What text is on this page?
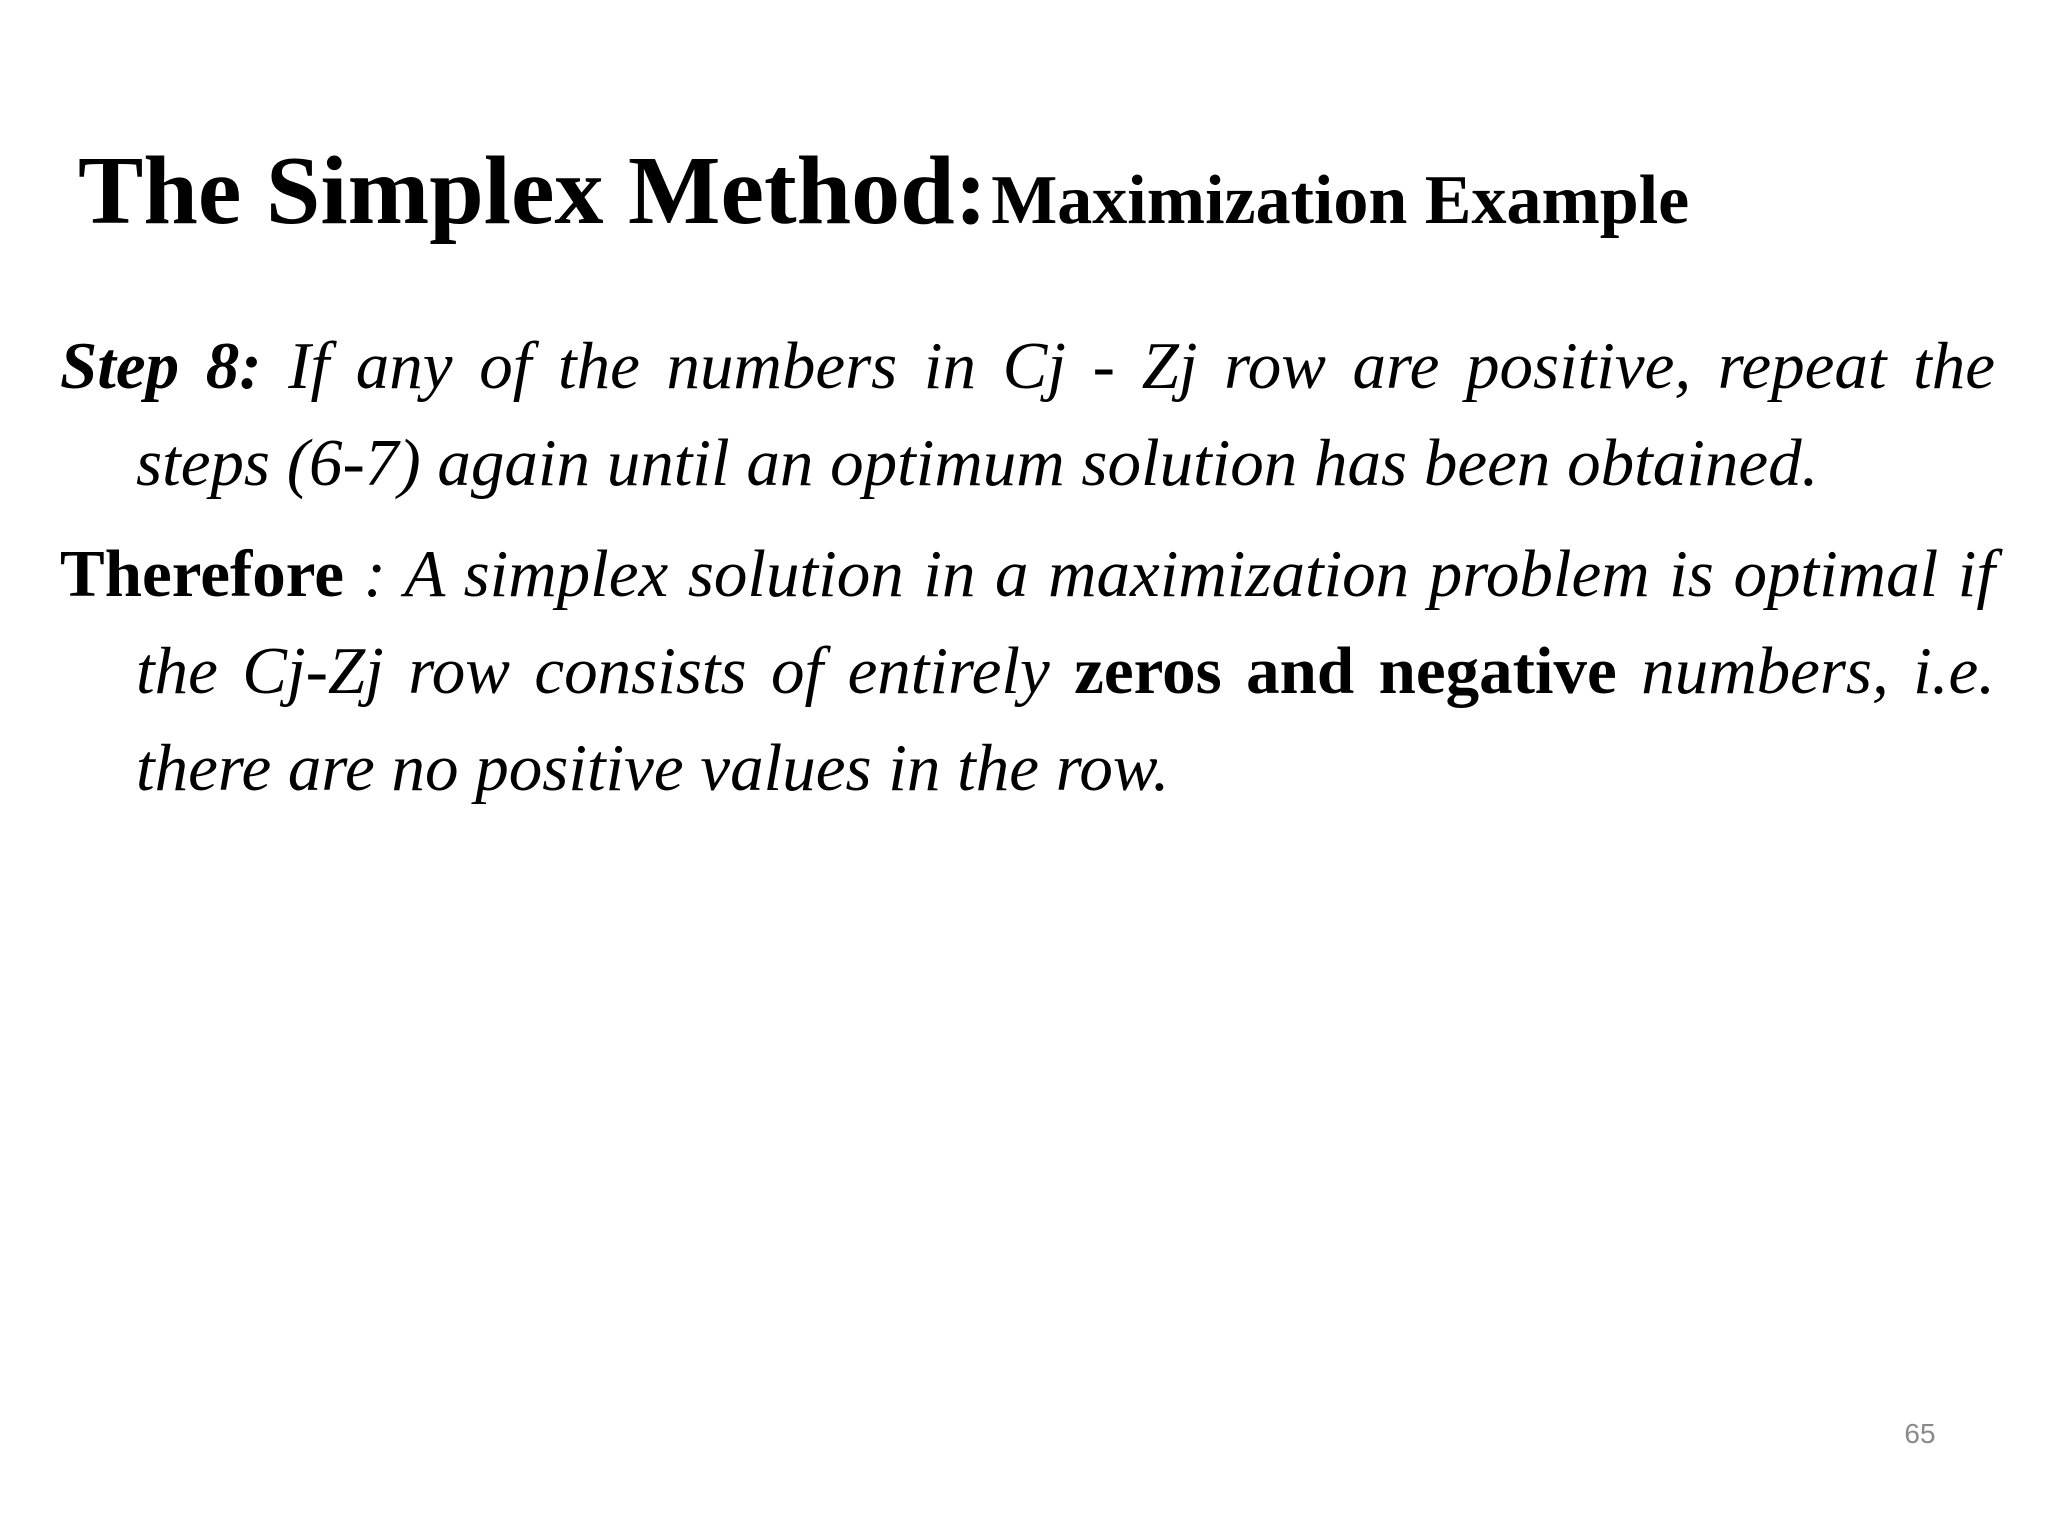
The Simplex Method: Maximization Example

Step 8: If any of the numbers in Cj - Zj row are positive, repeat the steps (6-7) again until an optimum solution has been obtained.

Therefore : A simplex solution in a maximization problem is optimal if the Cj-Zj row consists of entirely zeros and negative numbers, i.e. there are no positive values in the row.

65
